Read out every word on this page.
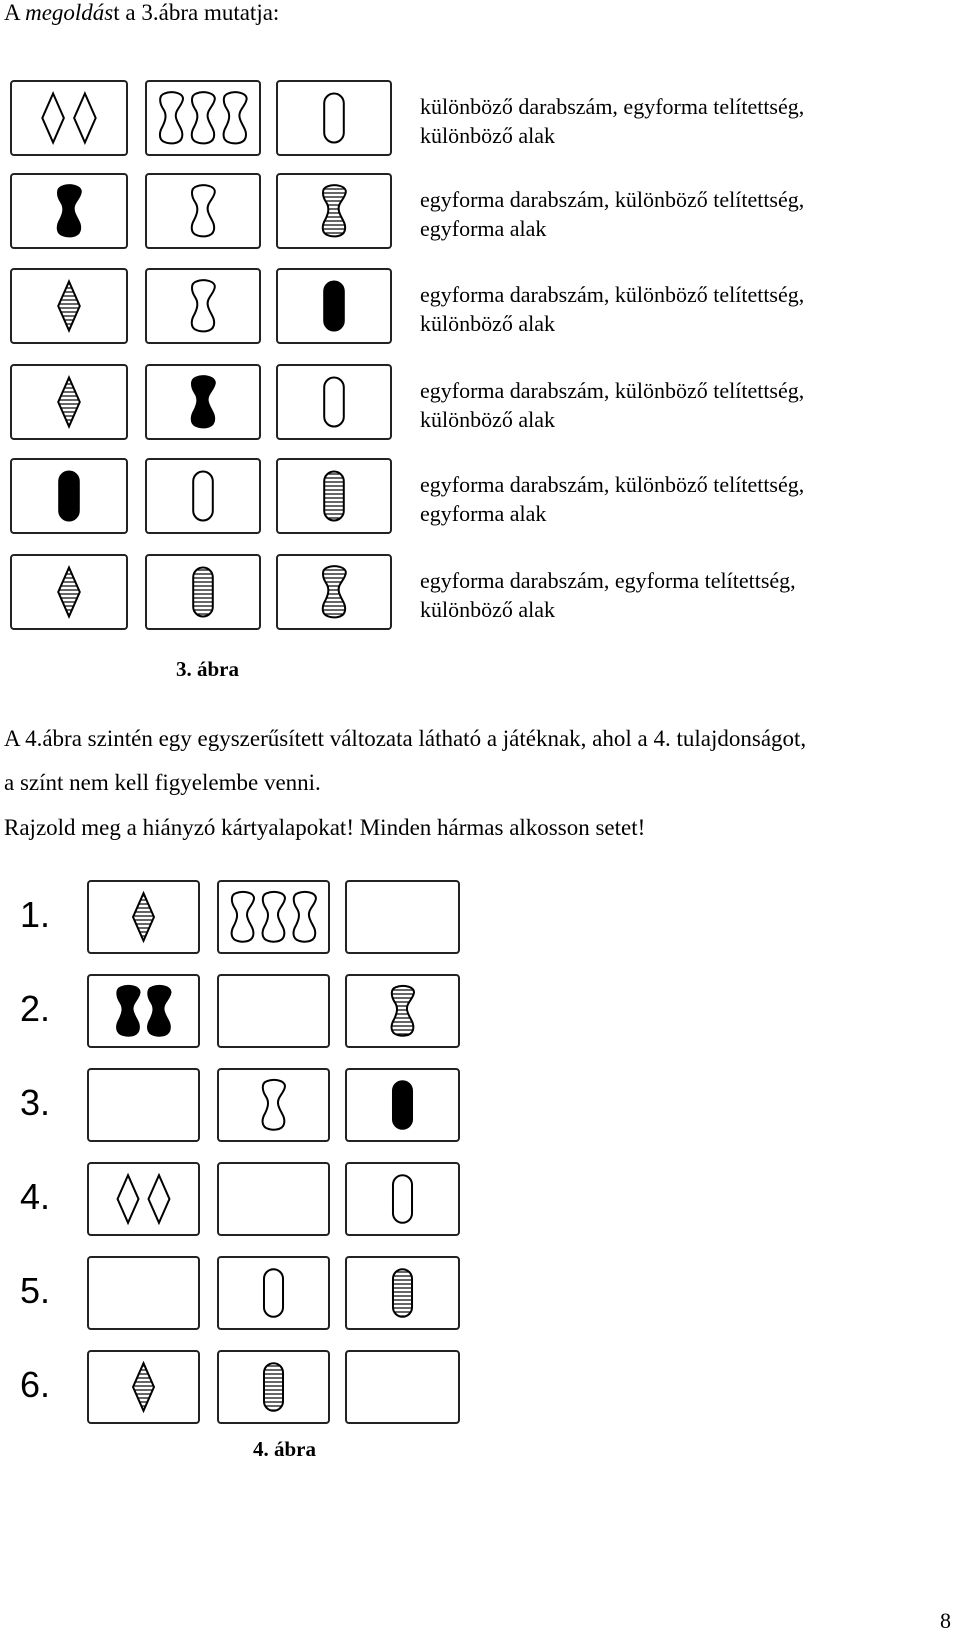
A megoldást a 3.ábra mutatja:
különböző darabszám, egyforma telítettség,
különböző alak
egyforma darabszám, különböző telítettség,
egyforma alak
egyforma darabszám, különböző telítettség,
különböző alak
egyforma darabszám, különböző telítettség,
különböző alak
egyforma darabszám, különböző telítettség,
egyforma alak
egyforma darabszám, egyforma telítettség,
különböző alak
3. ábra
A 4.ábra szintén egy egyszerűsített változata látható a játéknak, ahol a 4. tulajdonságot,
a színt nem kell figyelembe venni.
Rajzold meg a hiányzó kártyalapokat! Minden hármas alkosson setet!
1.
2.
3.
4.
5.
6.
4. ábra
8
